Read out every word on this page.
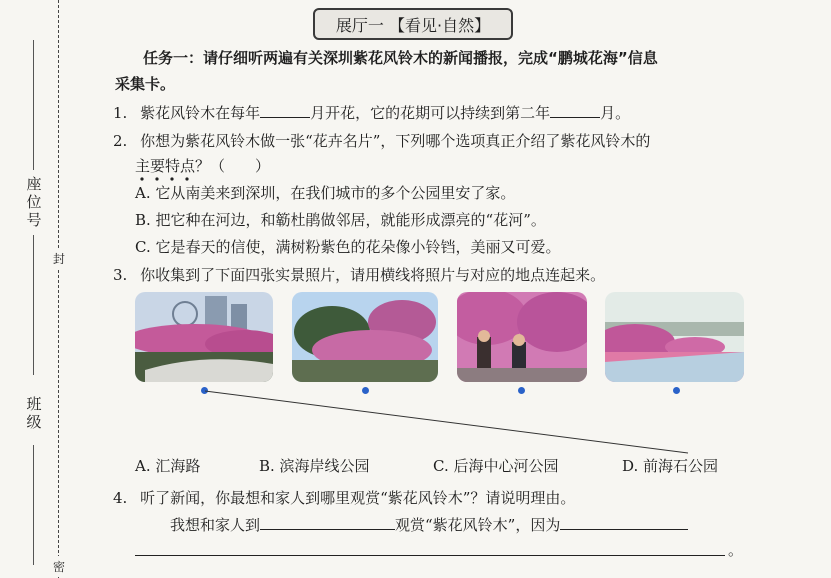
座位号
班级
封
密
展厅一 【看见·自然】
任务一：请仔细听两遍有关深圳紫花风铃木的新闻播报，完成“鹏城花海”信息
采集卡。
1. 紫花风铃木在每年	月开花，它的花期可以持续到第二年	月。
2. 你想为紫花风铃木做一张“花卉名片”，下列哪个选项真正介绍了紫花风铃木的
主要特点？（　　）
A. 它从南美来到深圳，在我们城市的多个公园里安了家。
B. 把它种在河边，和簕杜鹃做邻居，就能形成漂亮的“花河”。
C. 它是春天的信使，满树粉紫色的花朵像小铃铛，美丽又可爱。
3. 你收集到了下面四张实景照片，请用横线将照片与对应的地点连起来。
A. 汇海路	B. 滨海岸线公园	C. 后海中心河公园	D. 前海石公园
4. 听了新闻，你最想和家人到哪里观赏“紫花风铃木”？请说明理由。
我想和家人到	观赏“紫花风铃木”，因为
。
